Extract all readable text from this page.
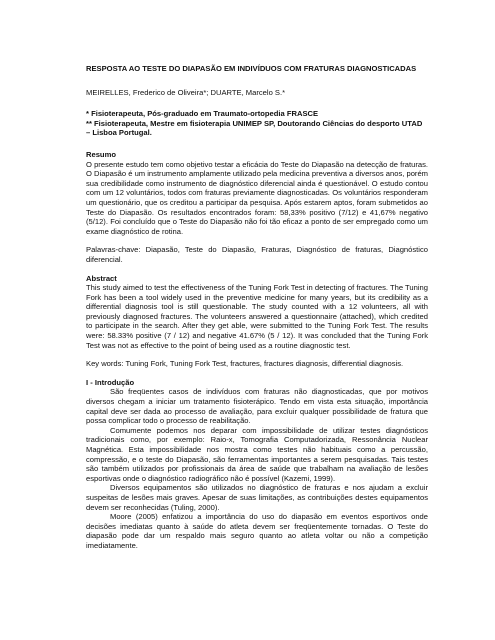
RESPOSTA AO TESTE DO DIAPASÃO EM INDIVÍDUOS COM FRATURAS DIAGNOSTICADAS
MEIRELLES, Frederico de Oliveira*; DUARTE, Marcelo S.*
* Fisioterapeuta, Pós-graduado em Traumato-ortopedia FRASCE
** Fisioterapeuta, Mestre em fisioterapia UNIMEP SP, Doutorando Ciências do desporto UTAD – Lisboa Portugal.
Resumo

O presente estudo tem como objetivo testar a eficácia do Teste do Diapasão na detecção de fraturas. O Diapasão é um instrumento amplamente utilizado pela medicina preventiva a diversos anos, porém sua credibilidade como instrumento de diagnóstico diferencial ainda é questionável. O estudo contou com um 12 voluntários, todos com fraturas previamente diagnosticadas. Os voluntários responderam um questionário, que os creditou a participar da pesquisa. Após estarem aptos, foram submetidos ao Teste do Diapasão. Os resultados encontrados foram: 58,33% positivo (7/12) e 41,67% negativo (5/12). Foi concluído que o Teste do Diapasão não foi tão eficaz a ponto de ser empregado como um exame diagnóstico de rotina.

Palavras-chave: Diapasão, Teste do Diapasão, Fraturas, Diagnóstico de fraturas, Diagnóstico diferencial.

Abstract

This study aimed to test the effectiveness of the Tuning Fork Test in detecting of fractures. The Tuning Fork has been a tool widely used in the preventive medicine for many years, but its credibility as a differential diagnosis tool is still questionable. The study counted with a 12 volunteers, all with previously diagnosed fractures. The volunteers answered a questionnaire (attached), which credited to participate in the search. After they get able, were submitted to the Tuning Fork Test. The results were: 58.33% positive (7 / 12) and negative 41.67% (5 / 12). It was concluded that the Tuning Fork Test was not as effective to the point of being used as a routine diagnostic test.

Key words: Tuning Fork, Tuning Fork Test, fractures, fractures diagnosis, differential diagnosis.

I - Introdução

São freqüentes casos de indivíduos com fraturas não diagnosticadas, que por motivos diversos chegam a iniciar um tratamento fisioterápico. Tendo em vista esta situação, importância capital deve ser dada ao processo de avaliação, para excluir qualquer possibilidade de fratura que possa complicar todo o processo de reabilitação.

Comumente podemos nos deparar com impossibilidade de utilizar testes diagnósticos tradicionais como, por exemplo: Raio-x, Tomografia Computadorizada, Ressonância Nuclear Magnética. Esta impossibilidade nos mostra como testes não habituais como a percussão, compressão, e o teste do Diapasão, são ferramentas importantes a serem pesquisadas. Tais testes são também utilizados por profissionais da área de saúde que trabalham na avaliação de lesões esportivas onde o diagnóstico radiográfico não é possível (Kazemi, 1999).

Diversos equipamentos são utilizados no diagnóstico de fraturas e nos ajudam a excluir suspeitas de lesões mais graves. Apesar de suas limitações, as contribuições destes equipamentos devem ser reconhecidas (Tuling, 2000).

Moore (2005) enfatizou a importância do uso do diapasão em eventos esportivos onde decisões imediatas quanto à saúde do atleta devem ser freqüentemente tornadas. O Teste do diapasão pode dar um respaldo mais seguro quanto ao atleta voltar ou não a competição imediatamente.
